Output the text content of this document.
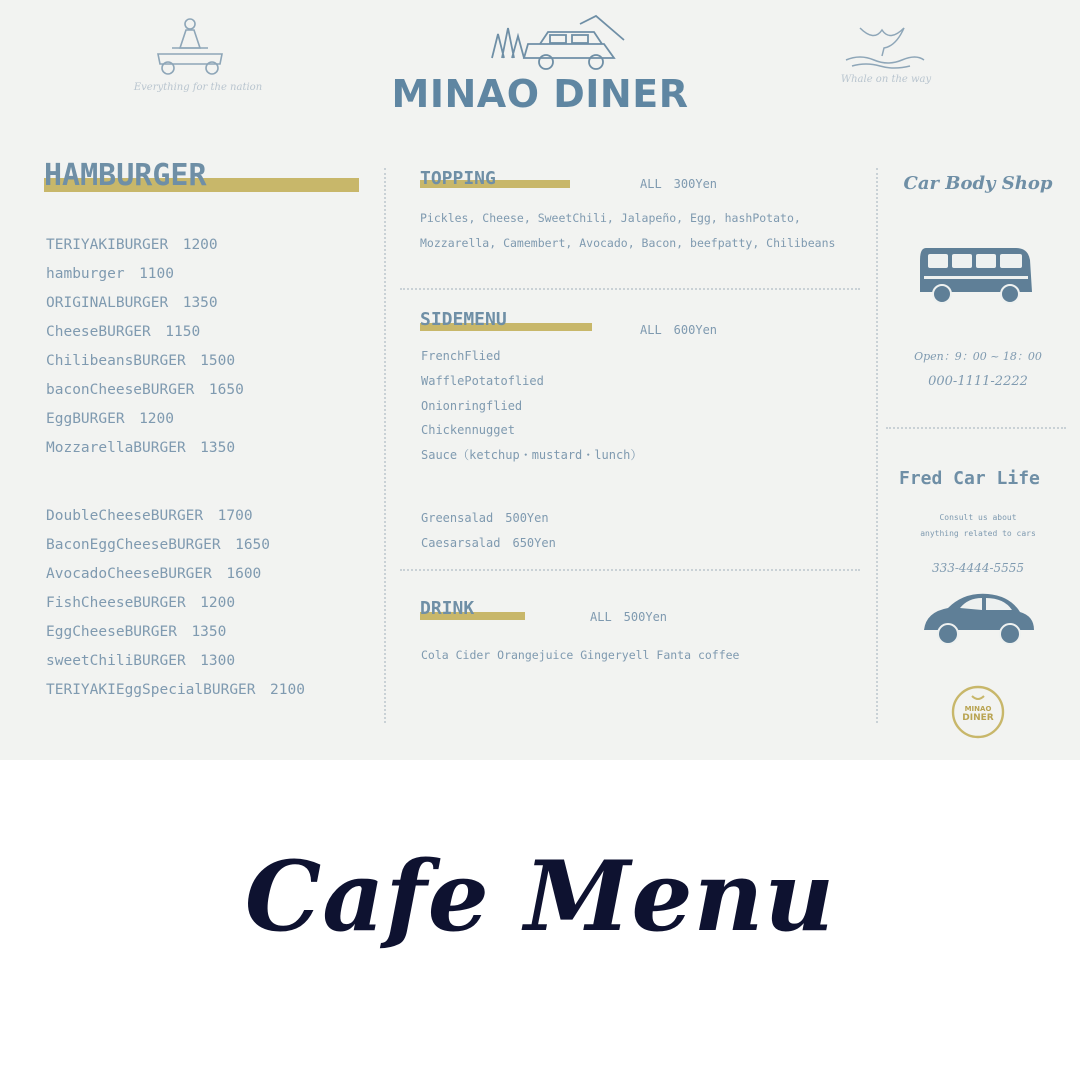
Everything for the nation	MINAO DINER	Whale on the way
HAMBURGER
TERIYAKIBURGER　1200
hamburger　1100
ORIGINALBURGER　1350
CheeseBURGER　1150
ChilibeansBURGER　1500
baconCheeseBURGER　1650
EggBURGER　1200
MozzarellaBURGER　1350
DoubleCheeseBURGER　1700
BaconEggCheeseBURGER　1650
AvocadoCheeseBURGER　1600
FishCheeseBURGER　1200
EggCheeseBURGER　1350
sweetChiliBURGER　1300
TERIYAKIEggSpecialBURGER　2100
TOPPING	ALL　300Yen
Pickles, Cheese, SweetChili, Jalapeño, Egg, hashPotato, Mozzarella, Camembert, Avocado, Bacon, beefpatty, Chilibeans
SIDEMENU	ALL　600Yen
FrenchFlied
WafflePotatoflied
Onionringflied
Chickennugget
Sauce（ketchup・mustard・lunch）
Greensalad　500Yen
Caesarsalad　650Yen
DRINK	ALL　500Yen
Cola Cider Orangejuice Gingeryell Fanta coffee
Car Body Shop
Open：9：00 ~ 18：00
000-1111-2222
Fred Car Life
Consult us about
anything related to cars
333-4444-5555
MINAO
DINER
Cafe Menu
